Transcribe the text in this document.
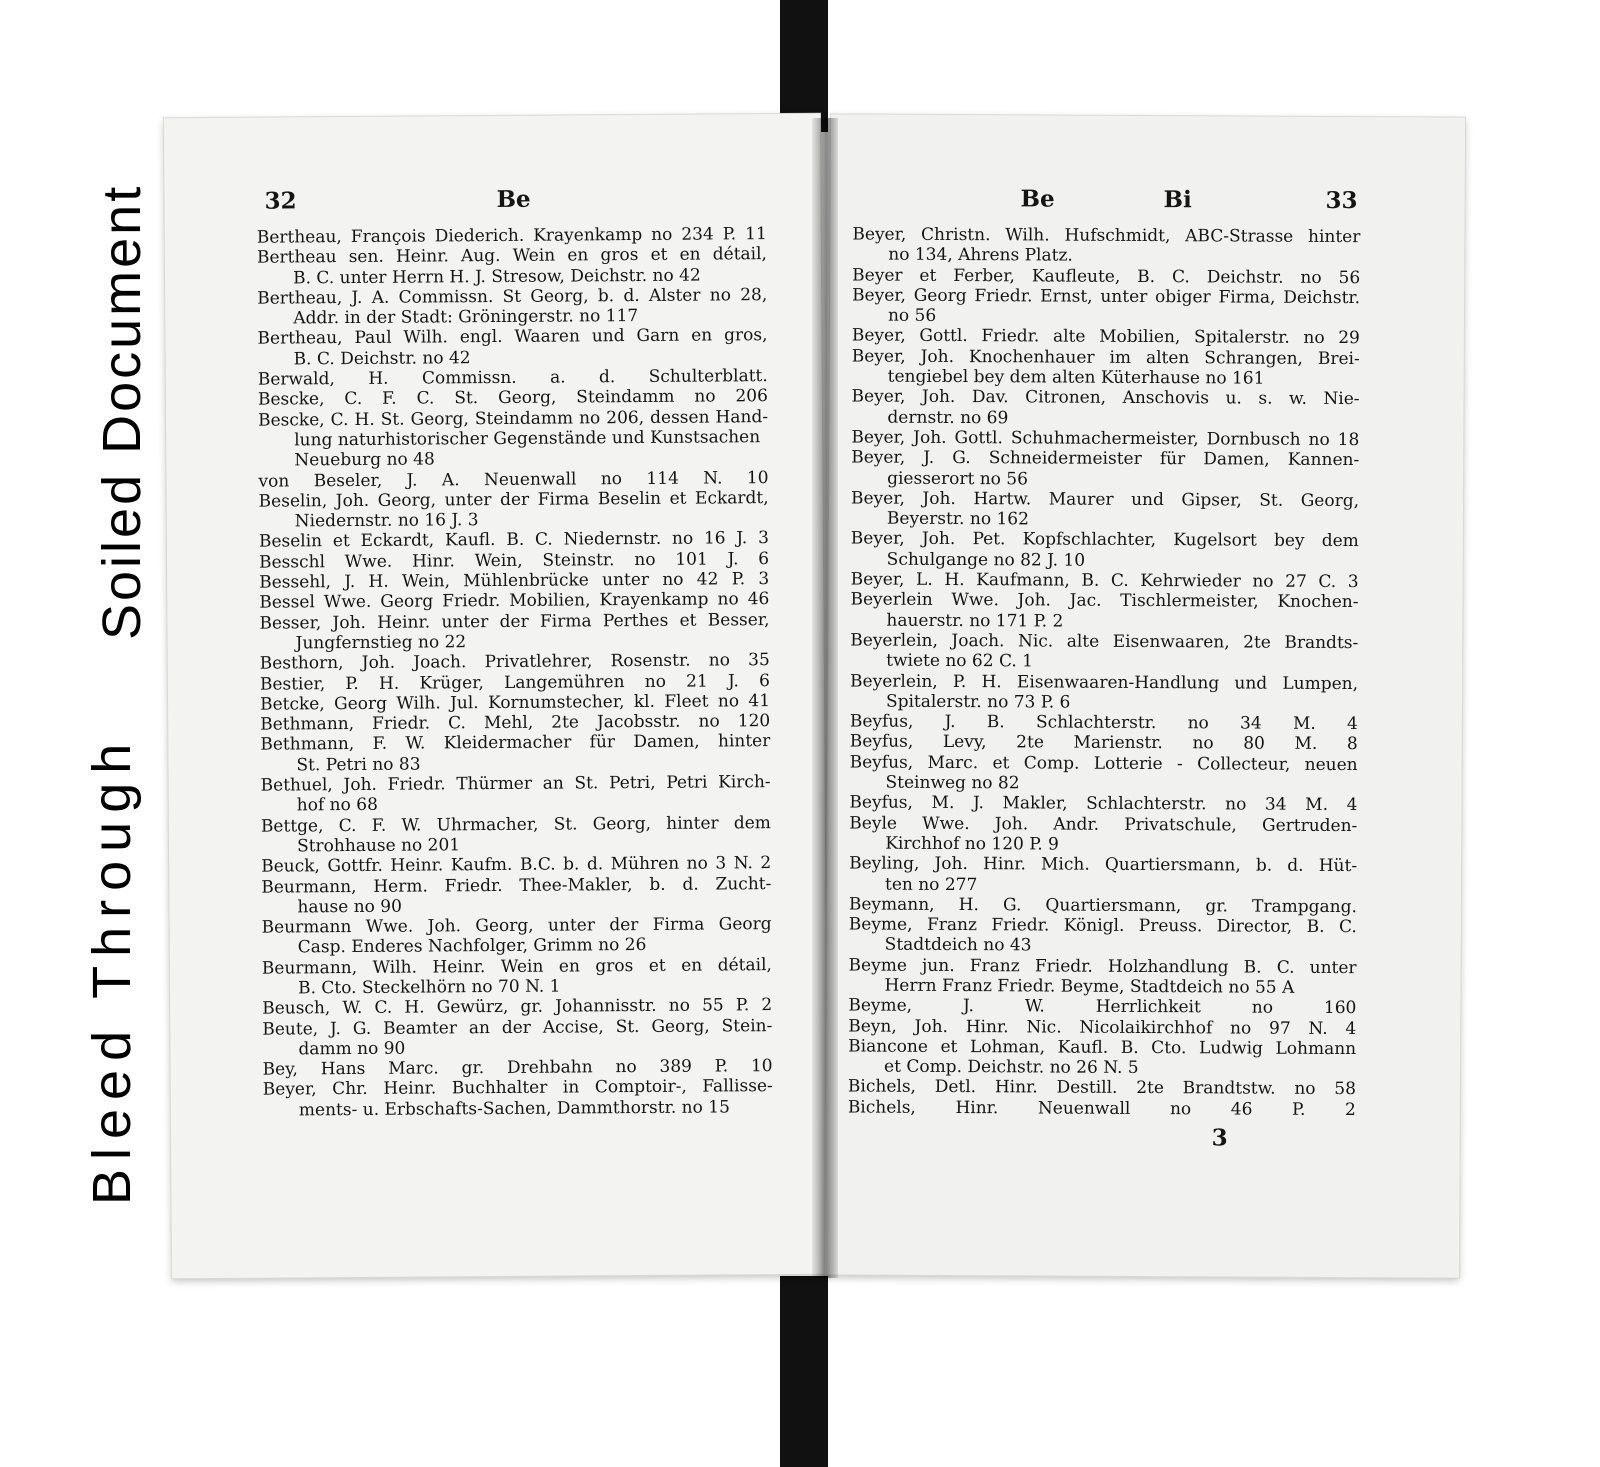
Bleed Through
Soiled Document	32	Be
Bertheau, François Diederich. Krayenkamp no 234 P. 11
Bertheau sen. Heinr. Aug. Wein en gros et en détail,
B. C. unter Herrn H. J. Stresow, Deichstr. no 42
Bertheau, J. A. Commissn. St Georg, b. d. Alster no 28,
Addr. in der Stadt: Gröningerstr. no 117
Bertheau, Paul Wilh. engl. Waaren und Garn en gros,
B. C. Deichstr. no 42
Berwald, H. Commissn. a. d. Schulterblatt.
Bescke, C. F. C. St. Georg, Steindamm no 206
Bescke, C. H. St. Georg, Steindamm no 206, dessen Hand-
lung naturhistorischer Gegenstände und Kunstsachen
Neueburg no 48
von Beseler, J. A. Neuenwall no 114 N. 10
Beselin, Joh. Georg, unter der Firma Beselin et Eckardt,
Niedernstr. no 16 J. 3
Beselin et Eckardt, Kaufl. B. C. Niedernstr. no 16 J. 3
Besschl Wwe. Hinr. Wein, Steinstr. no 101 J. 6
Bessehl, J. H. Wein, Mühlenbrücke unter no 42 P. 3
Bessel Wwe. Georg Friedr. Mobilien, Krayenkamp no 46
Besser, Joh. Heinr. unter der Firma Perthes et Besser,
Jungfernstieg no 22
Besthorn, Joh. Joach. Privatlehrer, Rosenstr. no 35
Bestier, P. H. Krüger, Langemühren no 21 J. 6
Betcke, Georg Wilh. Jul. Kornumstecher, kl. Fleet no 41
Bethmann, Friedr. C. Mehl, 2te Jacobsstr. no 120
Bethmann, F. W. Kleidermacher für Damen, hinter
St. Petri no 83
Bethuel, Joh. Friedr. Thürmer an St. Petri, Petri Kirch-
hof no 68
Bettge, C. F. W. Uhrmacher, St. Georg, hinter dem
Strohhause no 201
Beuck, Gottfr. Heinr. Kaufm. B.C. b. d. Mühren no 3 N. 2
Beurmann, Herm. Friedr. Thee-Makler, b. d. Zucht-
hause no 90
Beurmann Wwe. Joh. Georg, unter der Firma Georg
Casp. Enderes Nachfolger, Grimm no 26
Beurmann, Wilh. Heinr. Wein en gros et en détail,
B. Cto. Steckelhörn no 70 N. 1
Beusch, W. C. H. Gewürz, gr. Johannisstr. no 55 P. 2
Beute, J. G. Beamter an der Accise, St. Georg, Stein-
damm no 90
Bey, Hans Marc. gr. Drehbahn no 389 P. 10
Beyer, Chr. Heinr. Buchhalter in Comptoir-, Fallisse-
ments- u. Erbschafts-Sachen, Dammthorstr. no 15
Be	Bi	33
Beyer, Christn. Wilh. Hufschmidt, ABC-Strasse hinter
no 134, Ahrens Platz.
Beyer et Ferber, Kaufleute, B. C. Deichstr. no 56
Beyer, Georg Friedr. Ernst, unter obiger Firma, Deichstr.
no 56
Beyer, Gottl. Friedr. alte Mobilien, Spitalerstr. no 29
Beyer, Joh. Knochenhauer im alten Schrangen, Brei-
tengiebel bey dem alten Küterhause no 161
Beyer, Joh. Dav. Citronen, Anschovis u. s. w. Nie-
dernstr. no 69
Beyer, Joh. Gottl. Schuhmachermeister, Dornbusch no 18
Beyer, J. G. Schneidermeister für Damen, Kannen-
giesserort no 56
Beyer, Joh. Hartw. Maurer und Gipser, St. Georg,
Beyerstr. no 162
Beyer, Joh. Pet. Kopfschlachter, Kugelsort bey dem
Schulgange no 82 J. 10
Beyer, L. H. Kaufmann, B. C. Kehrwieder no 27 C. 3
Beyerlein Wwe. Joh. Jac. Tischlermeister, Knochen-
hauerstr. no 171 P. 2
Beyerlein, Joach. Nic. alte Eisenwaaren, 2te Brandts-
twiete no 62 C. 1
Beyerlein, P. H. Eisenwaaren-Handlung und Lumpen,
Spitalerstr. no 73 P. 6
Beyfus, J. B. Schlachterstr. no 34 M. 4
Beyfus, Levy, 2te Marienstr. no 80 M. 8
Beyfus, Marc. et Comp. Lotterie - Collecteur, neuen
Steinweg no 82
Beyfus, M. J. Makler, Schlachterstr. no 34 M. 4
Beyle Wwe. Joh. Andr. Privatschule, Gertruden-
Kirchhof no 120 P. 9
Beyling, Joh. Hinr. Mich. Quartiersmann, b. d. Hüt-
ten no 277
Beymann, H. G. Quartiersmann, gr. Trampgang.
Beyme, Franz Friedr. Königl. Preuss. Director, B. C.
Stadtdeich no 43
Beyme jun. Franz Friedr. Holzhandlung B. C. unter
Herrn Franz Friedr. Beyme, Stadtdeich no 55 A
Beyme, J. W. Herrlichkeit no 160
Beyn, Joh. Hinr. Nic. Nicolaikirchhof no 97 N. 4
Biancone et Lohman, Kaufl. B. Cto. Ludwig Lohmann
et Comp. Deichstr. no 26 N. 5
Bichels, Detl. Hinr. Destill. 2te Brandtstw. no 58
Bichels, Hinr. Neuenwall no 46 P. 2
3
